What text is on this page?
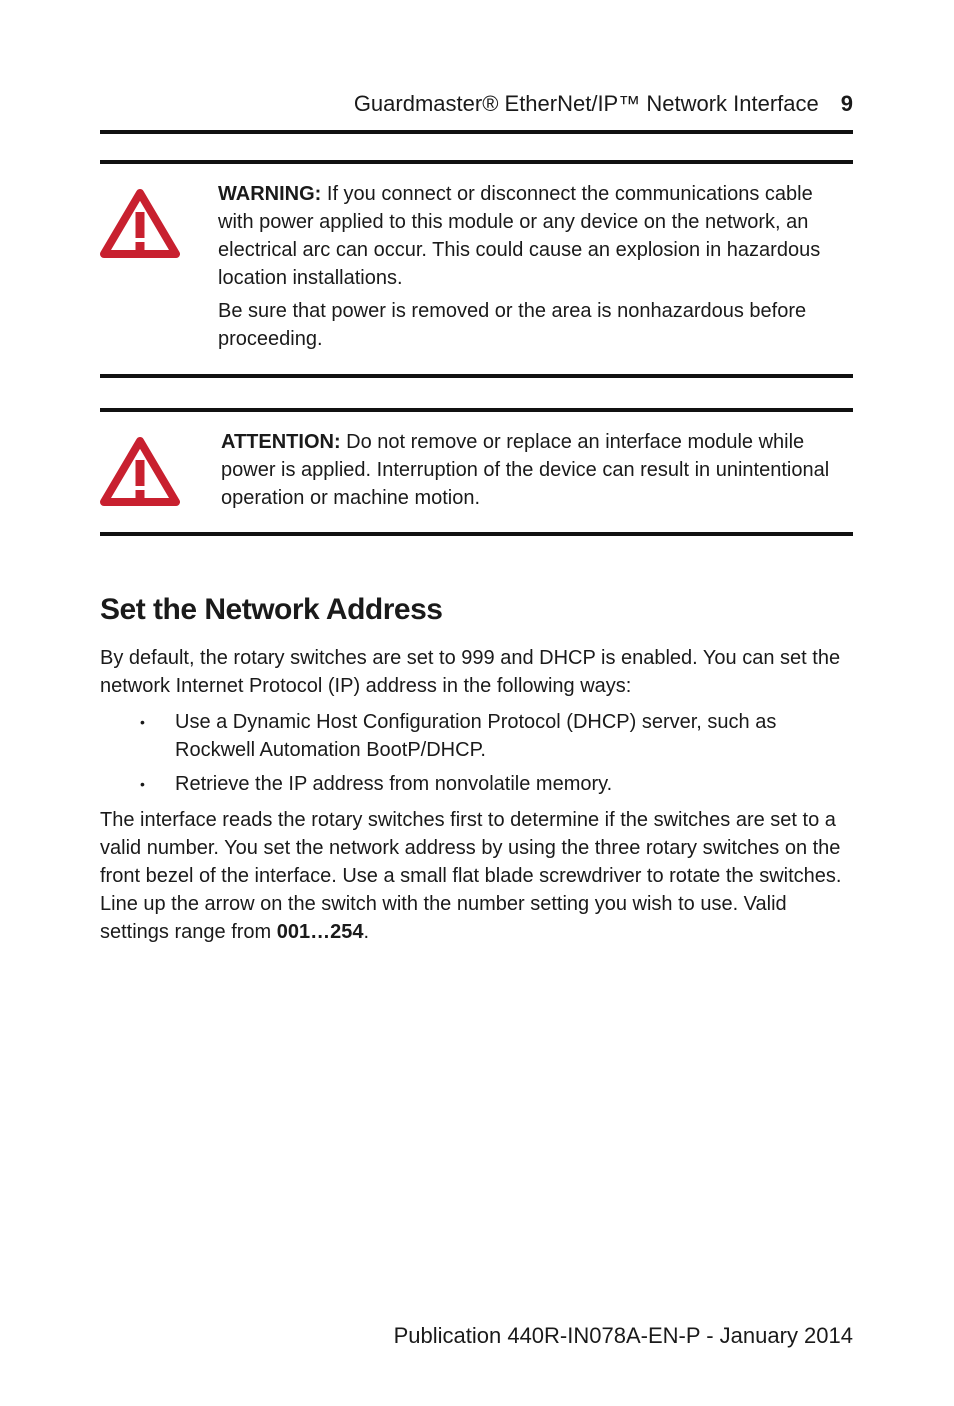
Guardmaster® EtherNet/IP™ Network Interface 9

WARNING: If you connect or disconnect the communications cable with power applied to this module or any device on the network, an electrical arc can occur. This could cause an explosion in hazardous location installations.

Be sure that power is removed or the area is nonhazardous before proceeding.

ATTENTION: Do not remove or replace an interface module while power is applied. Interruption of the device can result in unintentional operation or machine motion.

Set the Network Address

By default, the rotary switches are set to 999 and DHCP is enabled. You can set the network Internet Protocol (IP) address in the following ways:

• Use a Dynamic Host Configuration Protocol (DHCP) server, such as Rockwell Automation BootP/DHCP.
• Retrieve the IP address from nonvolatile memory.

The interface reads the rotary switches first to determine if the switches are set to a valid number. You set the network address by using the three rotary switches on the front bezel of the interface. Use a small flat blade screwdriver to rotate the switches. Line up the arrow on the switch with the number setting you wish to use. Valid settings range from 001…254.

Publication 440R-IN078A-EN-P - January 2014
